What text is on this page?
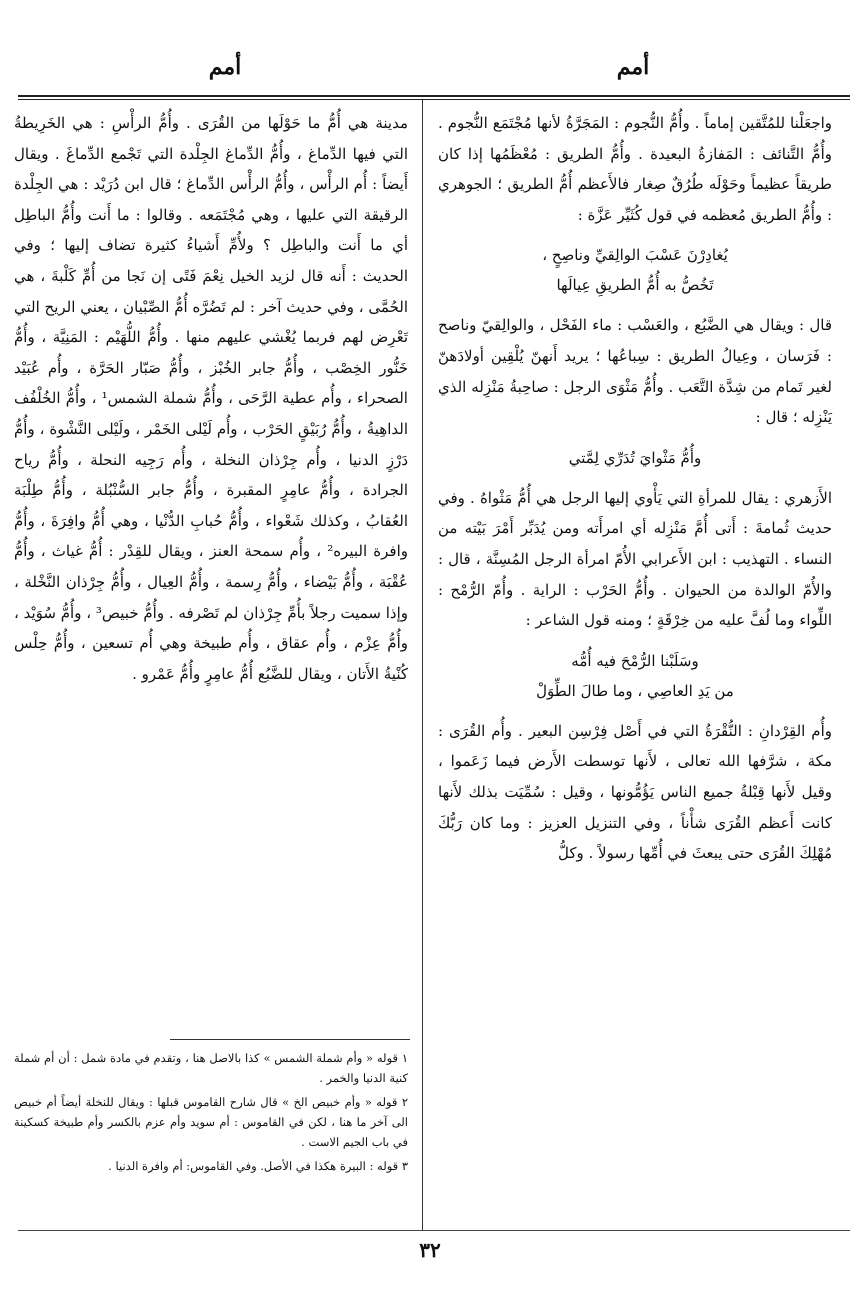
أمم
أمم

واجعَلْنا للمُتَّقين إماماً . وأُمُّ النُّجوم : المَجَرَّةُ لأنها مُجْتَمَع النُّجوم . وأُمُّ التَّنائف : المَفازةُ البعيدة . وأُمُّ الطريق : مُعْظَمُها إذا كان طريقاً عظيماً وحَوْلَه طُرُقٌ صِغار فالأَعظم أُمُّ الطريق ؛ الجوهري : وأُمُّ الطريق مُعظمه في قول كُثَيِّر عَزَّة :

يُغادِرْنَ عَسْبَ الوالِقيِّ وناصِحٍ ،
تَخُصُّ به أُمُّ الطريقِ عِيالَها

قال : ويقال هي الضَّبُع ، والعَسْب : ماء الفَحْل ، والوالِقيّ وناصح : فَرَسان ، وعِيالُ الطريق : سِباعُها ؛ يريد أَنهنّ يُلْقِين أولادَهنّ لغير تَمام من شِدَّة التَّعَب . وأُمُّ مَثْوَى الرجل : صاحِبةُ مَنْزِله الذي يَنْزِله ؛ قال :

وأُمُّ مَثْوايَ تُدَرِّي لِمَّتي

الأَزهري : يقال للمرأةِ التي يَأْوي إليها الرجل هي أُمُّ مَثْواهُ . وفي حديث ثُمامةَ : أَتى أُمَّ مَنْزِله أي امرأَته ومن يُدَبِّر أَمْرَ بَيْته من النساء . التهذيب : ابن الأَعرابي الأُمّ امرأة الرجل المُسِنَّة ، قال : والأُمّ الوالدة من الحيوان . وأُمُّ الحَرْب : الراية . وأُمّ الرُّمْح : اللِّواء وما لُفَّ عليه من خِرْقَةٍ ؛ ومنه قول الشاعر :

وسَلَبْنا الرُّمْحَ فيه أُمُّه
من يَدِ العاصِي ، وما طالَ الطِّوَلْ

وأُم القِرْدانِ : النُّقْرَةُ التي في أَصْل فِرْسِن البعير . وأُم القُرَى : مكة ، شرَّفها الله تعالى ، لأَنها توسطت الأَرض فيما زَعَموا ، وقيل لأَنها قِبْلةُ جميع الناس يَؤُمُّونها ، وقيل : سُمِّيَت بذلك لأَنها كانت أَعظم القُرَى شأْناً ، وفي التنزيل العزيز : وما كان رَبُّكَ مُهْلِكَ القُرَى حتى يبعثَ في أُمِّها رسولاً . وكلُّ

مدينة هي أُمُّ ما حَوْلَها من القُرَى . وأُمُّ الرأْسِ : هي الخَرِيطةُ التي فيها الدِّماغ ، وأُمُّ الدِّماغ الجِلْدة التي تَجْمع الدِّماغَ . ويقال أَيضاً : أُم الرأْس ، وأُمُّ الرأْس الدِّماغ ؛ قال ابن دُرَيْد : هي الجِلْدة الرقيقة التي عليها ، وهي مُجْتَمَعه . وقالوا : ما أَنت وأُمُّ الباطِل أي ما أَنت والباطِل ؟ ولأُمِّ أَشياءُ كثيرة تضاف إليها ؛ وفي الحديث : أَنه قال لزيد الخيل نِعْمَ فَتًى إن نَجا من أُمِّ كَلْبةَ ، هي الحُمَّى ، وفي حديث آخر : لم تَضُرَّه أُمُّ الصِّبْيان ، يعني الريح التي تَعْرِض لهم فربما يُغْشي عليهم منها . وأُمُّ اللُّهَيْم : المَنِيَّة ، وأُمُّ خَنُّور الخِصْب ، وأُمُّ جابر الخُبْز ، وأُمُّ صَبّار الحَرَّة ، وأُم عُبَيْد الصحراء ، وأُم عطية الرَّحَى ، وأُمُّ شملة الشمس¹ ، وأُمُّ الخُلْفُف الداهِيةُ ، وأُمُّ رُبَيْقٍ الحَرْب ، وأُم لَيْلى الخَمْر ، ولَيْلى النَّشْوة ، وأُمُّ دَرْزٍ الدنيا ، وأُم جِرْذان النخلة ، وأُم رَجِيه النحلة ، وأُمُّ رياح الجرادة ، وأُمُّ عامِرٍ المقبرة ، وأُمُّ جابر السُّنْبُلة ، وأُمُّ طِلْبَة العُقابُ ، وكذلك شَعْواء ، وأُمُّ حُبابِ الدُّنْيا ، وهي أُمُّ وافِرَةَ ، وأُمُّ وافرة البيره² ، وأُم سمحة العنز ، ويقال للقِدْر : أُمُّ غياث ، وأُمُّ عُقْبَة ، وأُمُّ بَيْضاء ، وأُمُّ رِسمة ، وأُمُّ العِيال ، وأُمُّ جِرْذان النَّخْلة ، وإذا سميت رجلاً بأُمِّ جِرْذان لم تَصْرفه . وأُمُّ خبيص³ ، وأُمُّ سُوَيْد ، وأُمُّ عِزْم ، وأُم عقاق ، وأُم طبيخة وهي أُم تسعين ، وأُمُّ حِلْس كُنْيةُ الأَتان ، ويقال للضَّبُع أُمُّ عامِرٍ وأُمُّ عَمْرو .

١ قوله « وأم شملة الشمس » كذا بالاصل هنا ، وتقدم في مادة شمل : أن أم شملة كنية الدنيا والخمر .

٢ قوله « وأم خبيص الخ » قال شارح القاموس قبلها : ويقال للنخلة أيضاً أم خبيص الى آخر ما هنا ، لكن في القاموس : أم سويد وأم عزم بالكسر وأم طبيخة كسكينة في باب الجيم الاست .

٣ قوله : البيرة هكذا في الأصل. وفي القاموس: أم وافرة الدنيا .

٣٢
